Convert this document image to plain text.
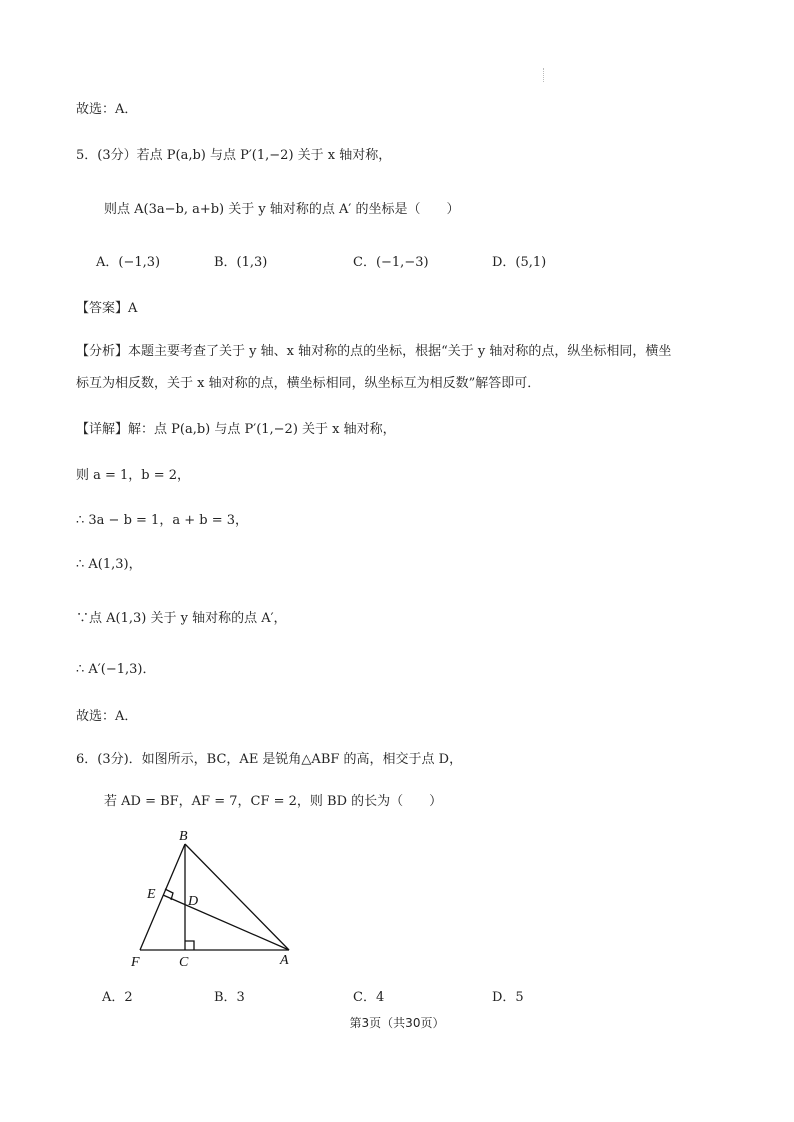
故选：A．
5．(3分）若点 P(a,b) 与点 P′(1,−2) 关于 x 轴对称，
则点 A(3a−b, a+b) 关于 y 轴对称的点 A′ 的坐标是（　　）
A．(−1,3)	B．(1,3)	C．(−1,−3)	D．(5,1)
【答案】A
【分析】本题主要考查了关于 y 轴、x 轴对称的点的坐标，根据“关于 y 轴对称的点，纵坐标相同，横坐
标互为相反数，关于 x 轴对称的点，横坐标相同，纵坐标互为相反数”解答即可．
【详解】解：点 P(a,b) 与点 P′(1,−2) 关于 x 轴对称，
则 a = 1，b = 2，
∴ 3a − b = 1，a + b = 3，
∴ A(1,3)，
∵点 A(1,3) 关于 y 轴对称的点 A′，
∴ A′(−1,3)．
故选：A．
6．(3分)．如图所示，BC，AE 是锐角△ABF 的高，相交于点 D，
若 AD = BF，AF = 7，CF = 2，则 BD 的长为（　　）
B
E D
F	C	A
A．2	B．3	C．4	D．5
第3页（共30页）
